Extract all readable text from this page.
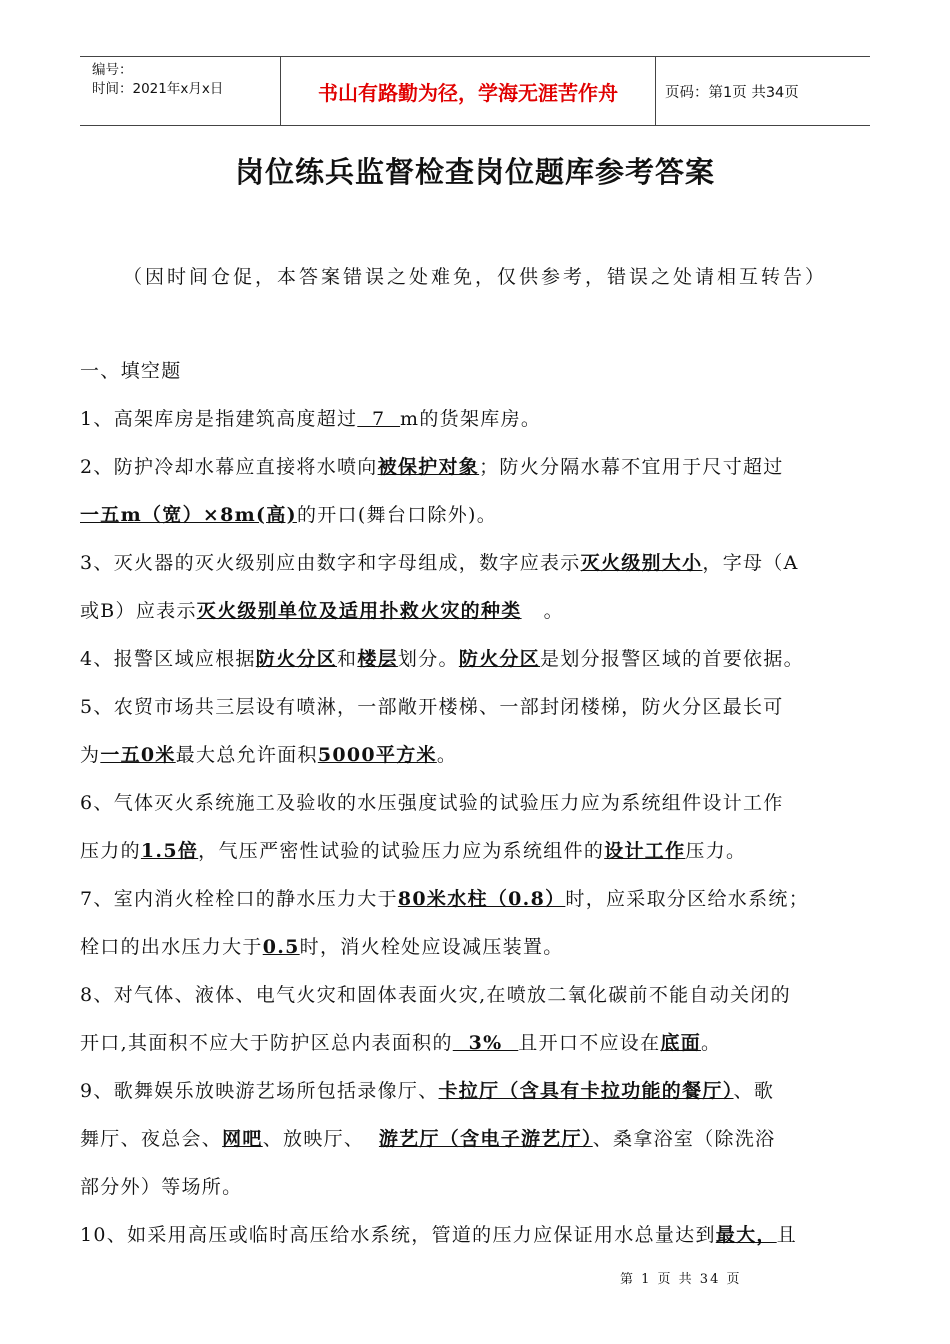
编号：
时间：2021年x月x日	书山有路勤为径，学海无涯苦作舟	页码：第1页 共34页
岗位练兵监督检查岗位题库参考答案
（因时间仓促，本答案错误之处难免，仅供参考，错误之处请相互转告）
一、填空题
1、高架库房是指建筑高度超过  7  m的货架库房。
2、防护冷却水幕应直接将水喷向被保护对象；防火分隔水幕不宜用于尺寸超过
一五m（宽）×8m(高)的开口(舞台口除外)。
3、灭火器的灭火级别应由数字和字母组成，数字应表示灭火级别大小，字母（A
或B）应表示灭火级别单位及适用扑救火灾的种类   。
4、报警区域应根据防火分区和楼层划分。防火分区是划分报警区域的首要依据。
5、农贸市场共三层设有喷淋，一部敞开楼梯、一部封闭楼梯，防火分区最长可
为一五0米最大总允许面积5000平方米。
6、气体灭火系统施工及验收的水压强度试验的试验压力应为系统组件设计工作
压力的1.5倍，气压严密性试验的试验压力应为系统组件的设计工作压力。
7、室内消火栓栓口的静水压力大于80米水柱（0.8）时，应采取分区给水系统；
栓口的出水压力大于0.5时，消火栓处应设减压装置。
8、对气体、液体、电气火灾和固体表面火灾,在喷放二氧化碳前不能自动关闭的
开口,其面积不应大于防护区总内表面积的  3%  且开口不应设在底面。
9、歌舞娱乐放映游艺场所包括录像厅、卡拉厅（含具有卡拉功能的餐厅）、歌
舞厅、夜总会、网吧、放映厅、  游艺厅（含电子游艺厅）、桑拿浴室（除洗浴
部分外）等场所。
10、如采用高压或临时高压给水系统，管道的压力应保证用水总量达到最大，且
第 1 页 共 34 页
